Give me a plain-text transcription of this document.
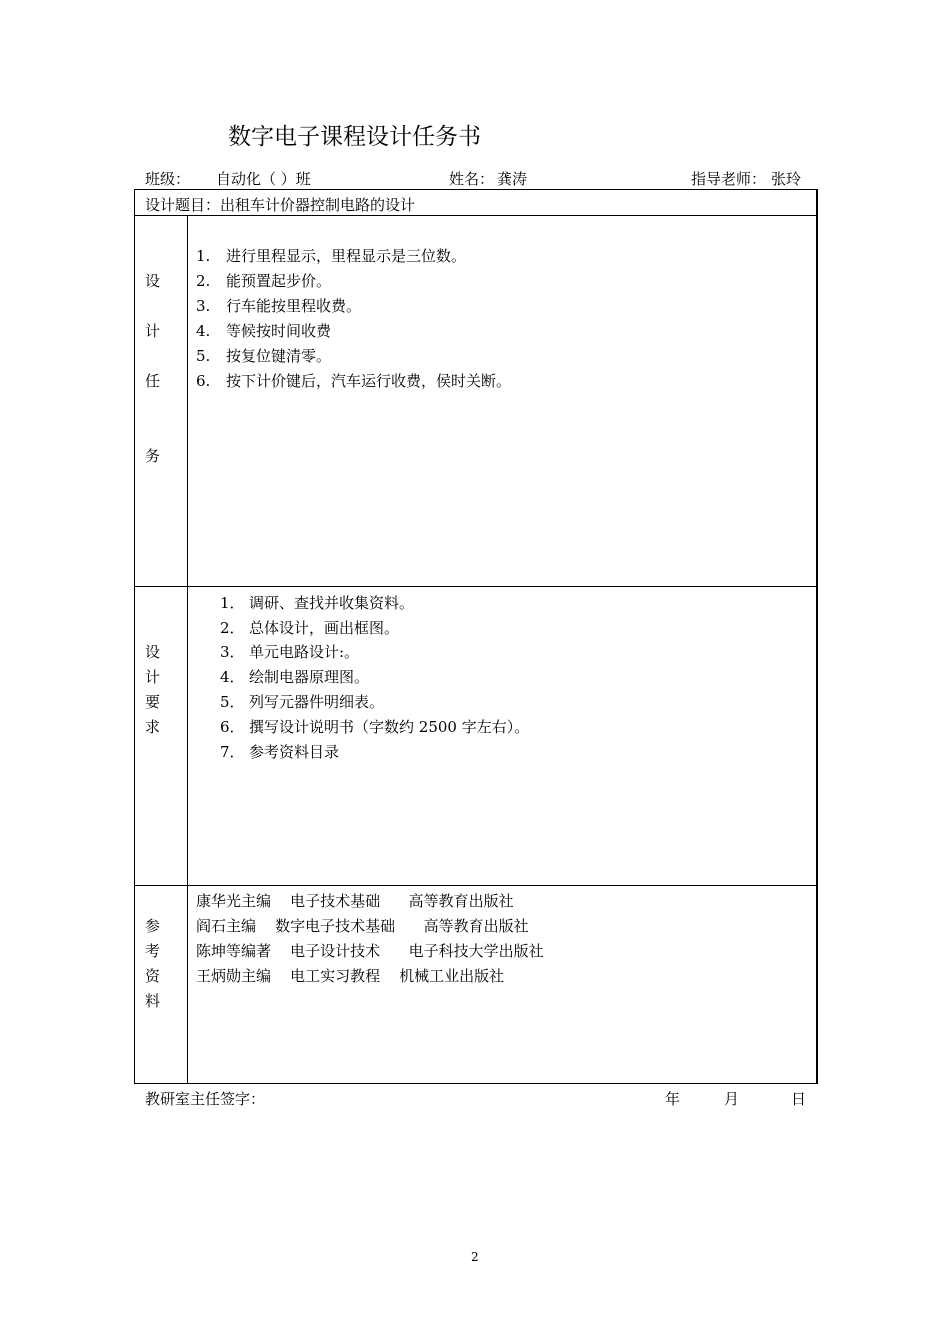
数字电子课程设计任务书
班级： 自动化（ ）班	姓名： 龚涛	指导老师： 张玲
设计题目：出租车计价器控制电路的设计
设
计
任
务
1. 进行里程显示，里程显示是三位数。
2. 能预置起步价。
3. 行车能按里程收费。
4. 等候按时间收费
5. 按复位键清零。
6. 按下计价键后，汽车运行收费，侯时关断。
设
计
要
求
1． 调研、查找并收集资料。
2． 总体设计，画出框图。
3． 单元电路设计:。
4． 绘制电器原理图。
5． 列写元器件明细表。
6． 撰写设计说明书（字数约 2500 字左右）。
7． 参考资料目录
参
考
资
料
康华光主编    电子技术基础      高等教育出版社
阎石主编    数字电子技术基础      高等教育出版社
陈坤等编著    电子设计技术      电子科技大学出版社
王炳勋主编    电工实习教程    机械工业出版社
教研室主任签字：	年	月	日
2
